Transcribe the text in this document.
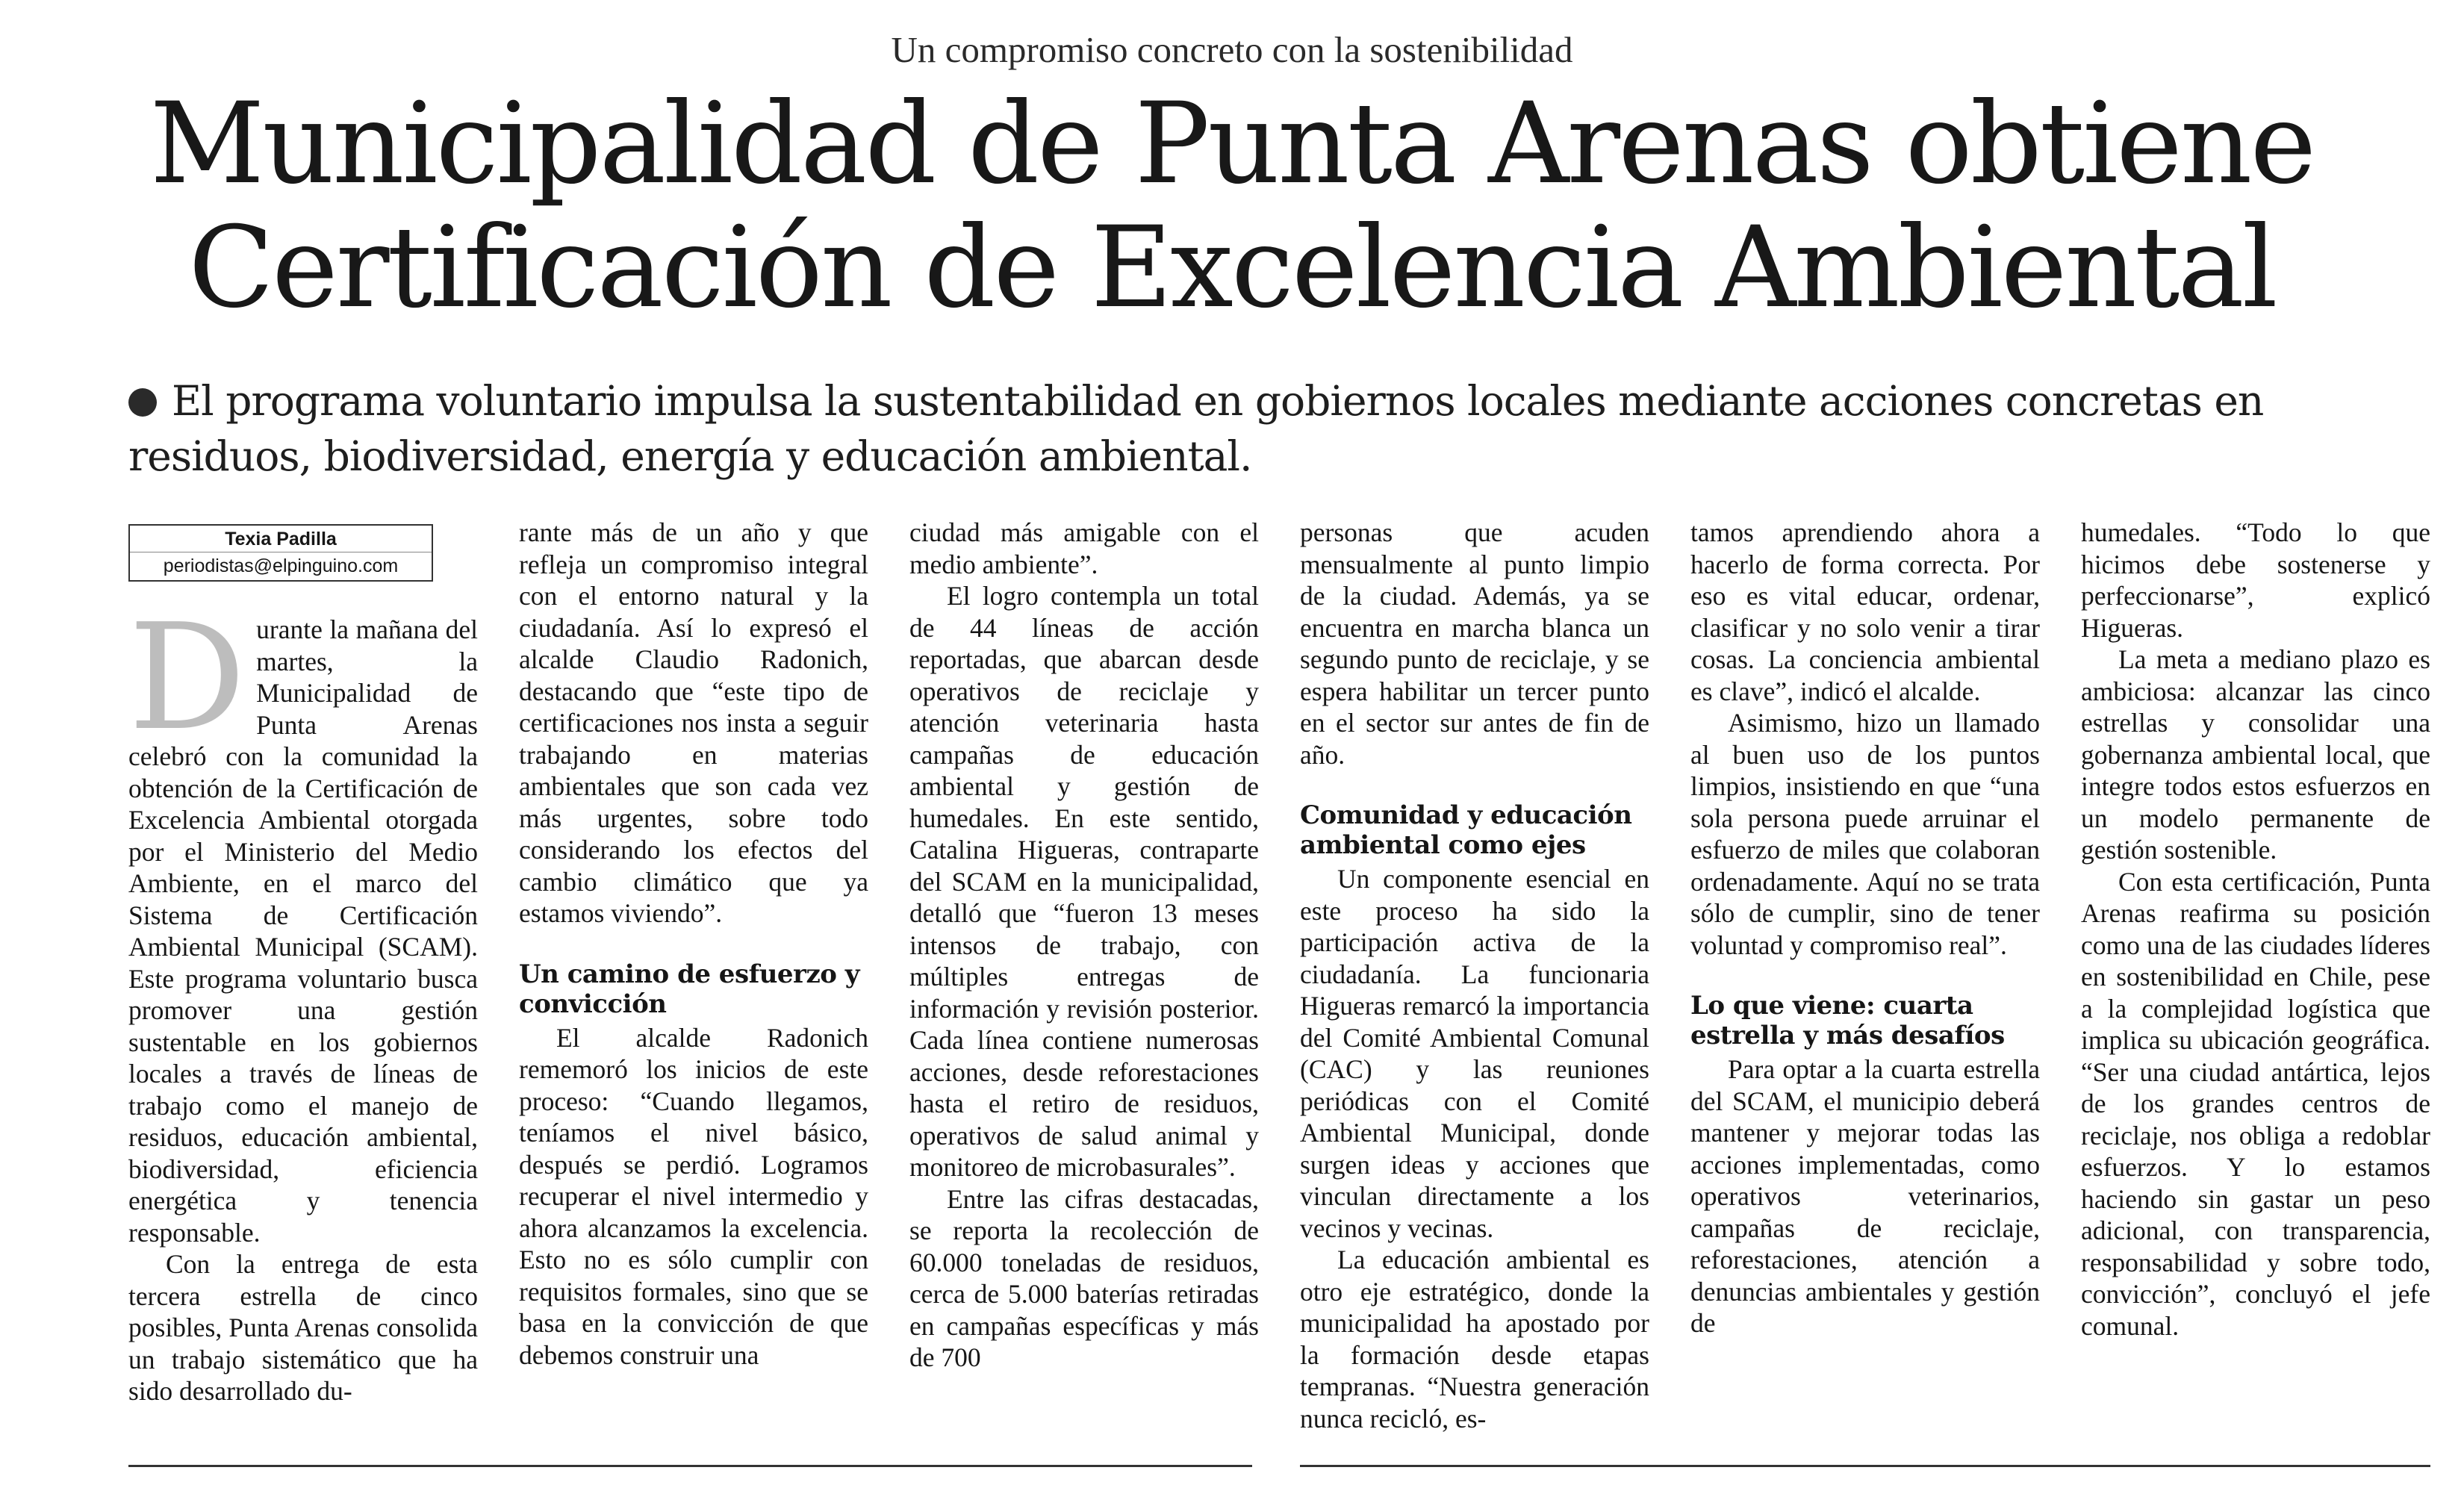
Un compromiso concreto con la sostenibilidad
Municipalidad de Punta Arenas obtiene
Certificación de Excelencia Ambiental
El programa voluntario impulsa la sustentabilidad en gobiernos locales mediante acciones concretas en residuos, biodiversidad, energía y educación ambiental.
Texia Padilla
periodistas@elpinguino.com
D urante la mañana del martes, la Municipalidad de Punta Arenas celebró con la comunidad la obtención de la Certificación de Excelencia Ambiental otorgada por el Ministerio del Medio Ambiente, en el marco del Sistema de Certificación Ambiental Municipal (SCAM). Este programa voluntario busca promover una gestión sustentable en los gobiernos locales a través de líneas de trabajo como el manejo de residuos, educación ambiental, biodiversidad, eficiencia energética y tenencia responsable.

Con la entrega de esta tercera estrella de cinco posibles, Punta Arenas consolida un trabajo sistemático que ha sido desarrollado du-

rante más de un año y que refleja un compromiso integral con el entorno natural y la ciudadanía. Así lo expresó el alcalde Claudio Radonich, destacando que “este tipo de certificaciones nos insta a seguir trabajando en materias ambientales que son cada vez más urgentes, sobre todo considerando los efectos del cambio climático que ya estamos viviendo”.

Un camino de esfuerzo y convicción

El alcalde Radonich rememoró los inicios de este proceso: “Cuando llegamos, teníamos el nivel básico, después se perdió. Logramos recuperar el nivel intermedio y ahora alcanzamos la excelencia. Esto no es sólo cumplir con requisitos formales, sino que se basa en la convicción de que debemos construir una

ciudad más amigable con el medio ambiente”.

El logro contempla un total de 44 líneas de acción reportadas, que abarcan desde operativos de reciclaje y atención veterinaria hasta campañas de educación ambiental y gestión de humedales. En este sentido, Catalina Higueras, contraparte del SCAM en la municipalidad, detalló que “fueron 13 meses intensos de trabajo, con múltiples entregas de información y revisión posterior. Cada línea contiene numerosas acciones, desde reforestaciones hasta el retiro de residuos, operativos de salud animal y monitoreo de microbasurales”.

Entre las cifras destacadas, se reporta la recolección de 60.000 toneladas de residuos, cerca de 5.000 baterías retiradas en campañas específicas y más de 700

personas que acuden mensualmente al punto limpio de la ciudad. Además, ya se encuentra en marcha blanca un segundo punto de reciclaje, y se espera habilitar un tercer punto en el sector sur antes de fin de año.

Comunidad y educación ambiental como ejes

Un componente esencial en este proceso ha sido la participación activa de la ciudadanía. La funcionaria Higueras remarcó la importancia del Comité Ambiental Comunal (CAC) y las reuniones periódicas con el Comité Ambiental Municipal, donde surgen ideas y acciones que vinculan directamente a los vecinos y vecinas.

La educación ambiental es otro eje estratégico, donde la municipalidad ha apostado por la formación desde etapas tempranas. “Nuestra generación nunca recicló, es-

tamos aprendiendo ahora a hacerlo de forma correcta. Por eso es vital educar, ordenar, clasificar y no solo venir a tirar cosas. La conciencia ambiental es clave”, indicó el alcalde.

Asimismo, hizo un llamado al buen uso de los puntos limpios, insistiendo en que “una sola persona puede arruinar el esfuerzo de miles que colaboran ordenadamente. Aquí no se trata sólo de cumplir, sino de tener voluntad y compromiso real”.

Lo que viene: cuarta estrella y más desafíos

Para optar a la cuarta estrella del SCAM, el municipio deberá mantener y mejorar todas las acciones implementadas, como operativos veterinarios, campañas de reciclaje, reforestaciones, atención a denuncias ambientales y gestión de

humedales. “Todo lo que hicimos debe sostenerse y perfeccionarse”, explicó Higueras.

La meta a mediano plazo es ambiciosa: alcanzar las cinco estrellas y consolidar una gobernanza ambiental local, que integre todos estos esfuerzos en un modelo permanente de gestión sostenible.

Con esta certificación, Punta Arenas reafirma su posición como una de las ciudades líderes en sostenibilidad en Chile, pese a la complejidad logística que implica su ubicación geográfica. “Ser una ciudad antártica, lejos de los grandes centros de reciclaje, nos obliga a redoblar esfuerzos. Y lo estamos haciendo sin gastar un peso adicional, con transparencia, responsabilidad y sobre todo, convicción”, concluyó el jefe comunal.
